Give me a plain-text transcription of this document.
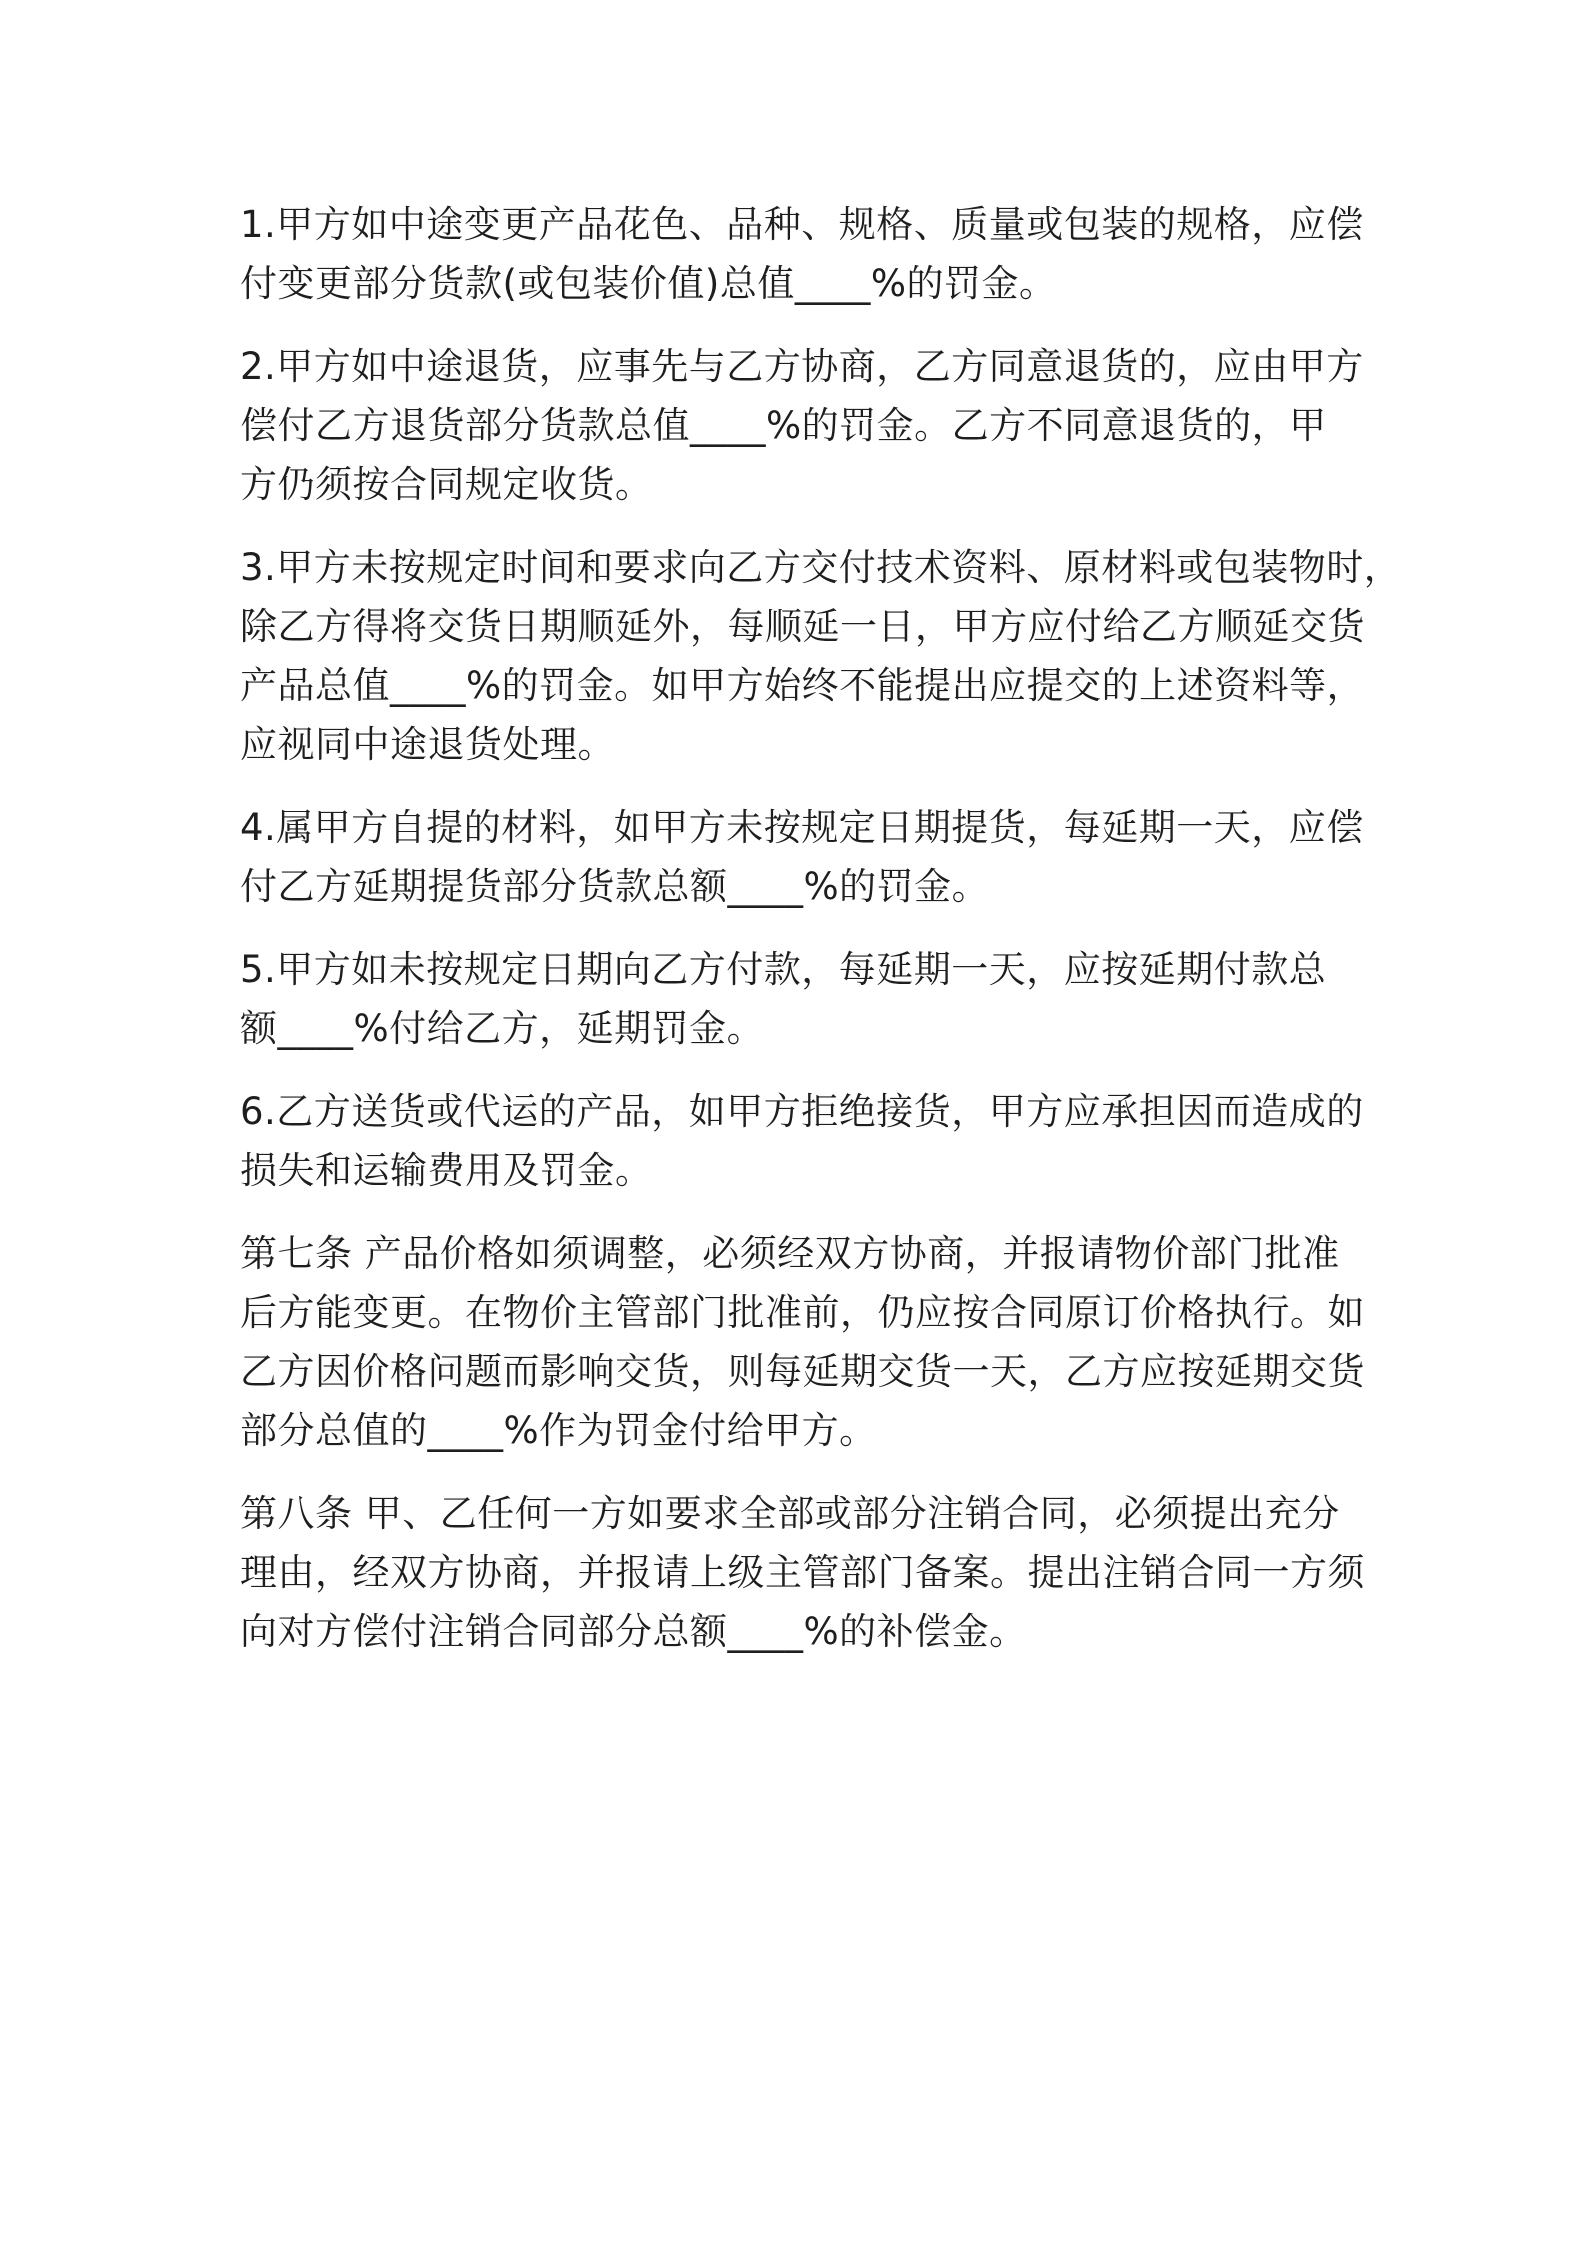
1.甲方如中途变更产品花色、品种、规格、质量或包装的规格，应偿
付变更部分货款(或包装价值)总值____%的罚金。

2.甲方如中途退货，应事先与乙方协商，乙方同意退货的，应由甲方
偿付乙方退货部分货款总值____%的罚金。乙方不同意退货的，甲
方仍须按合同规定收货。

3.甲方未按规定时间和要求向乙方交付技术资料、原材料或包装物时，
除乙方得将交货日期顺延外，每顺延一日，甲方应付给乙方顺延交货
产品总值____%的罚金。如甲方始终不能提出应提交的上述资料等，
应视同中途退货处理。

4.属甲方自提的材料，如甲方未按规定日期提货，每延期一天，应偿
付乙方延期提货部分货款总额____%的罚金。

5.甲方如未按规定日期向乙方付款，每延期一天，应按延期付款总
额____%付给乙方，延期罚金。

6.乙方送货或代运的产品，如甲方拒绝接货，甲方应承担因而造成的
损失和运输费用及罚金。

第七条 产品价格如须调整，必须经双方协商，并报请物价部门批准
后方能变更。在物价主管部门批准前，仍应按合同原订价格执行。如
乙方因价格问题而影响交货，则每延期交货一天，乙方应按延期交货
部分总值的____%作为罚金付给甲方。

第八条 甲、乙任何一方如要求全部或部分注销合同，必须提出充分
理由，经双方协商，并报请上级主管部门备案。提出注销合同一方须
向对方偿付注销合同部分总额____%的补偿金。
